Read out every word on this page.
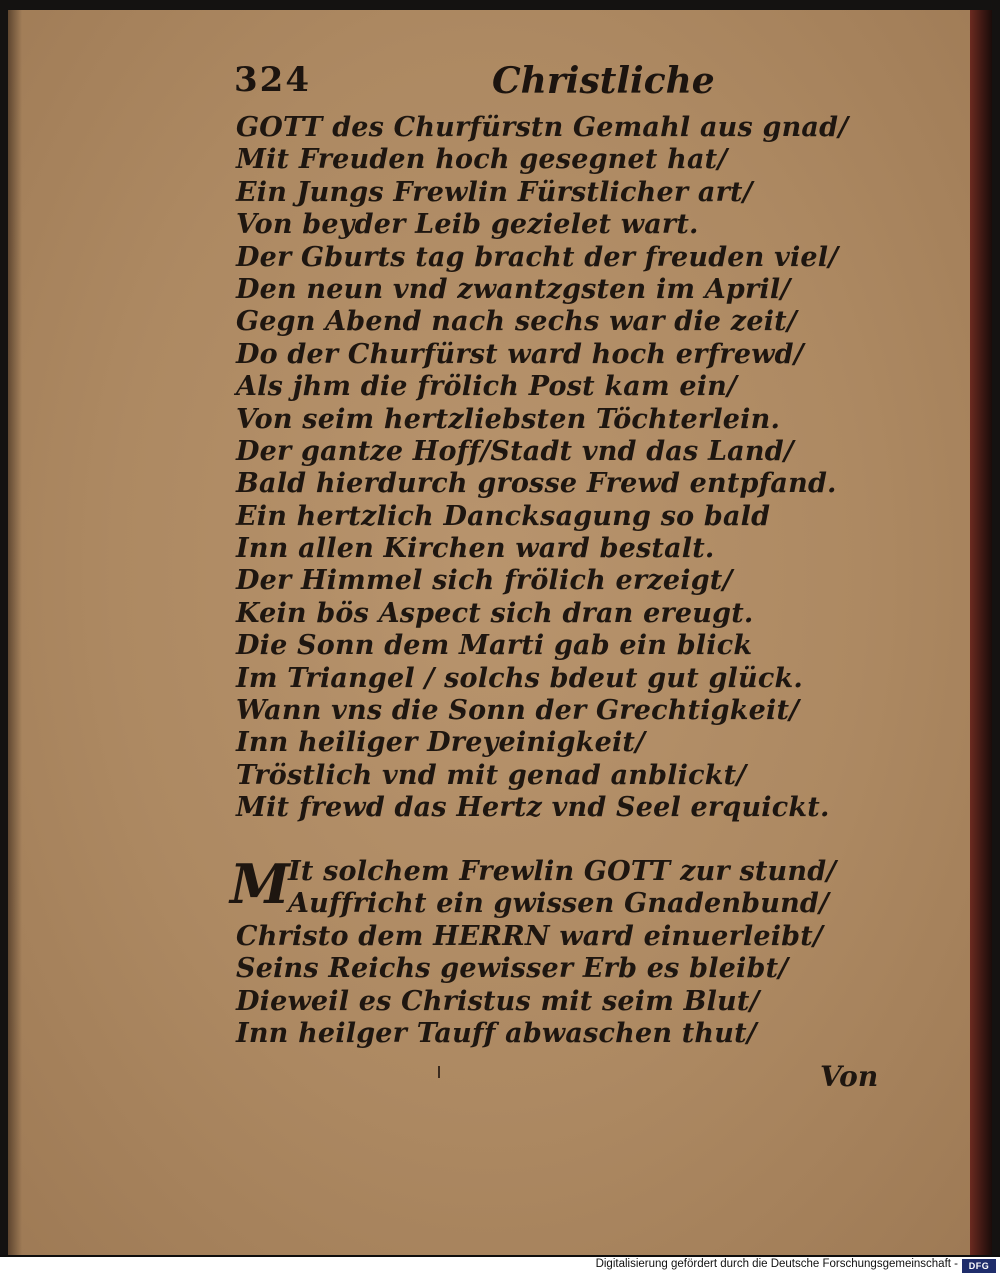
324	Christliche
GOTT des Churfürstn Gemahl aus gnad/
Mit Freuden hoch gesegnet hat/
Ein Jungs Frewlin Fürstlicher art/
Von beyder Leib gezielet wart.
Der Gburts tag bracht der freuden viel/
Den neun vnd zwantzgsten im April/
Gegn Abend nach sechs war die zeit/
Do der Churfürst ward hoch erfrewd/
Als jhm die frölich Post kam ein/
Von seim hertzliebsten Töchterlein.
Der gantze Hoff/Stadt vnd das Land/
Bald hierdurch grosse Frewd entpfand.
Ein hertzlich Dancksagung so bald
Inn allen Kirchen ward bestalt.
Der Himmel sich frölich erzeigt/
Kein bös Aspect sich dran ereugt.
Die Sonn dem Marti gab ein blick
Im Triangel / solchs bdeut gut glück.
Wann vns die Sonn der Grechtigkeit/
Inn heiliger Dreyeinigkeit/
Tröstlich vnd mit genad anblickt/
Mit frewd das Hertz vnd Seel erquickt.
M
It solchem Frewlin GOTT zur stund/
Auffricht ein gwissen Gnadenbund/
Christo dem HERRN ward einuerleibt/
Seins Reichs gewisser Erb es bleibt/
Dieweil es Christus mit seim Blut/
Inn heilger Tauff abwaschen thut/
Von
Digitalisierung gefördert durch die Deutsche Forschungsgemeinschaft -	DFG
